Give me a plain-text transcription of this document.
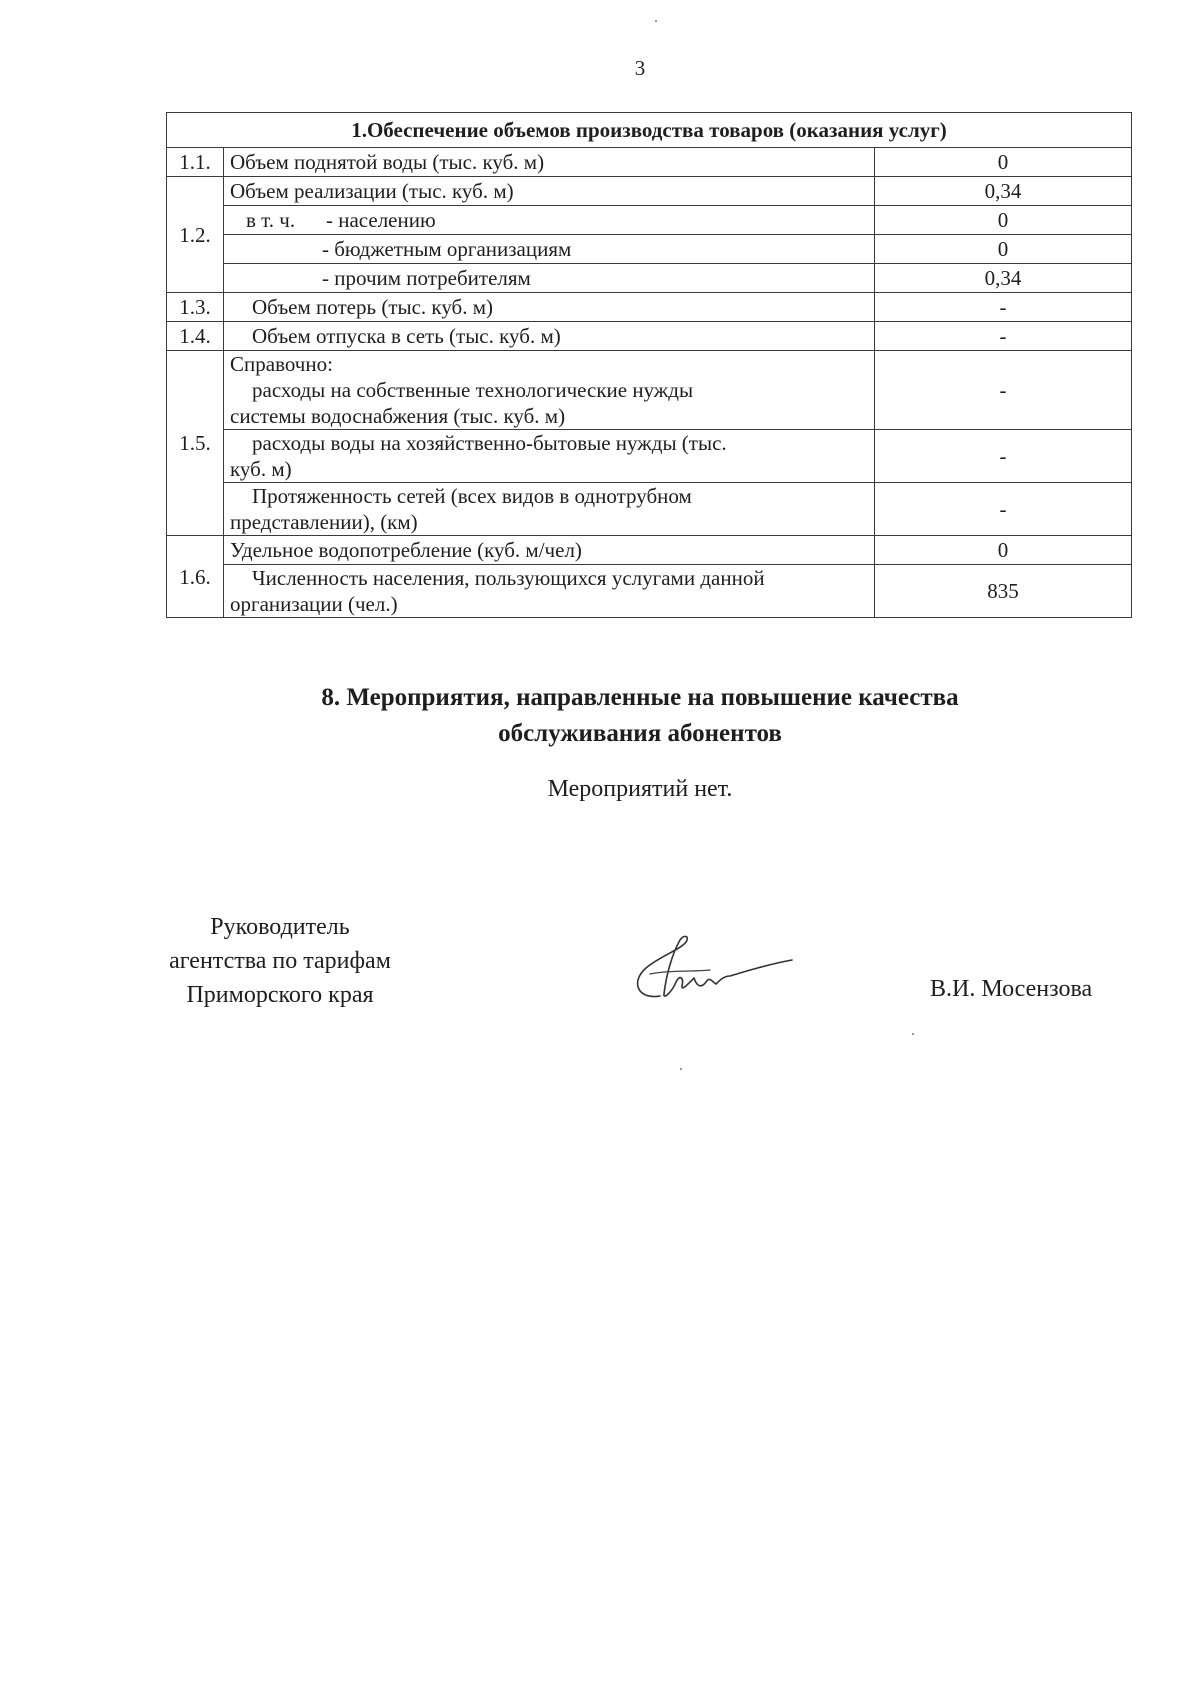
3
1.Обеспечение объемов производства товаров (оказания услуг)		
1.1.	Объем поднятой воды (тыс. куб. м)	0
1.2.	Объем реализации (тыс. куб. м)	0,34

	в т. ч. - населению	0
	- бюджетным организациям	0
	- прочим потребителям	0,34
1.3.	Объем потерь (тыс. куб. м)	-
1.4.	Объем отпуска в сеть (тыс. куб. м)	-
1.5.	Справочно:
расходы на собственные технологические нужды
системы водоснабжения (тыс. куб. м)	-

	расходы воды на хозяйственно-бытовые нужды (тыс.
куб. м)	-

	Протяженность сетей (всех видов в однотрубном
представлении), (км)	-
1.6.	Удельное водопотребление (куб. м/чел)	0

	Численность населения, пользующихся услугами данной
организации (чел.)	835
8. Мероприятия, направленные на повышение качества
обслуживания абонентов
Мероприятий нет.
Руководитель
агентства по тарифам
Приморского края	В.И. Мосензова
